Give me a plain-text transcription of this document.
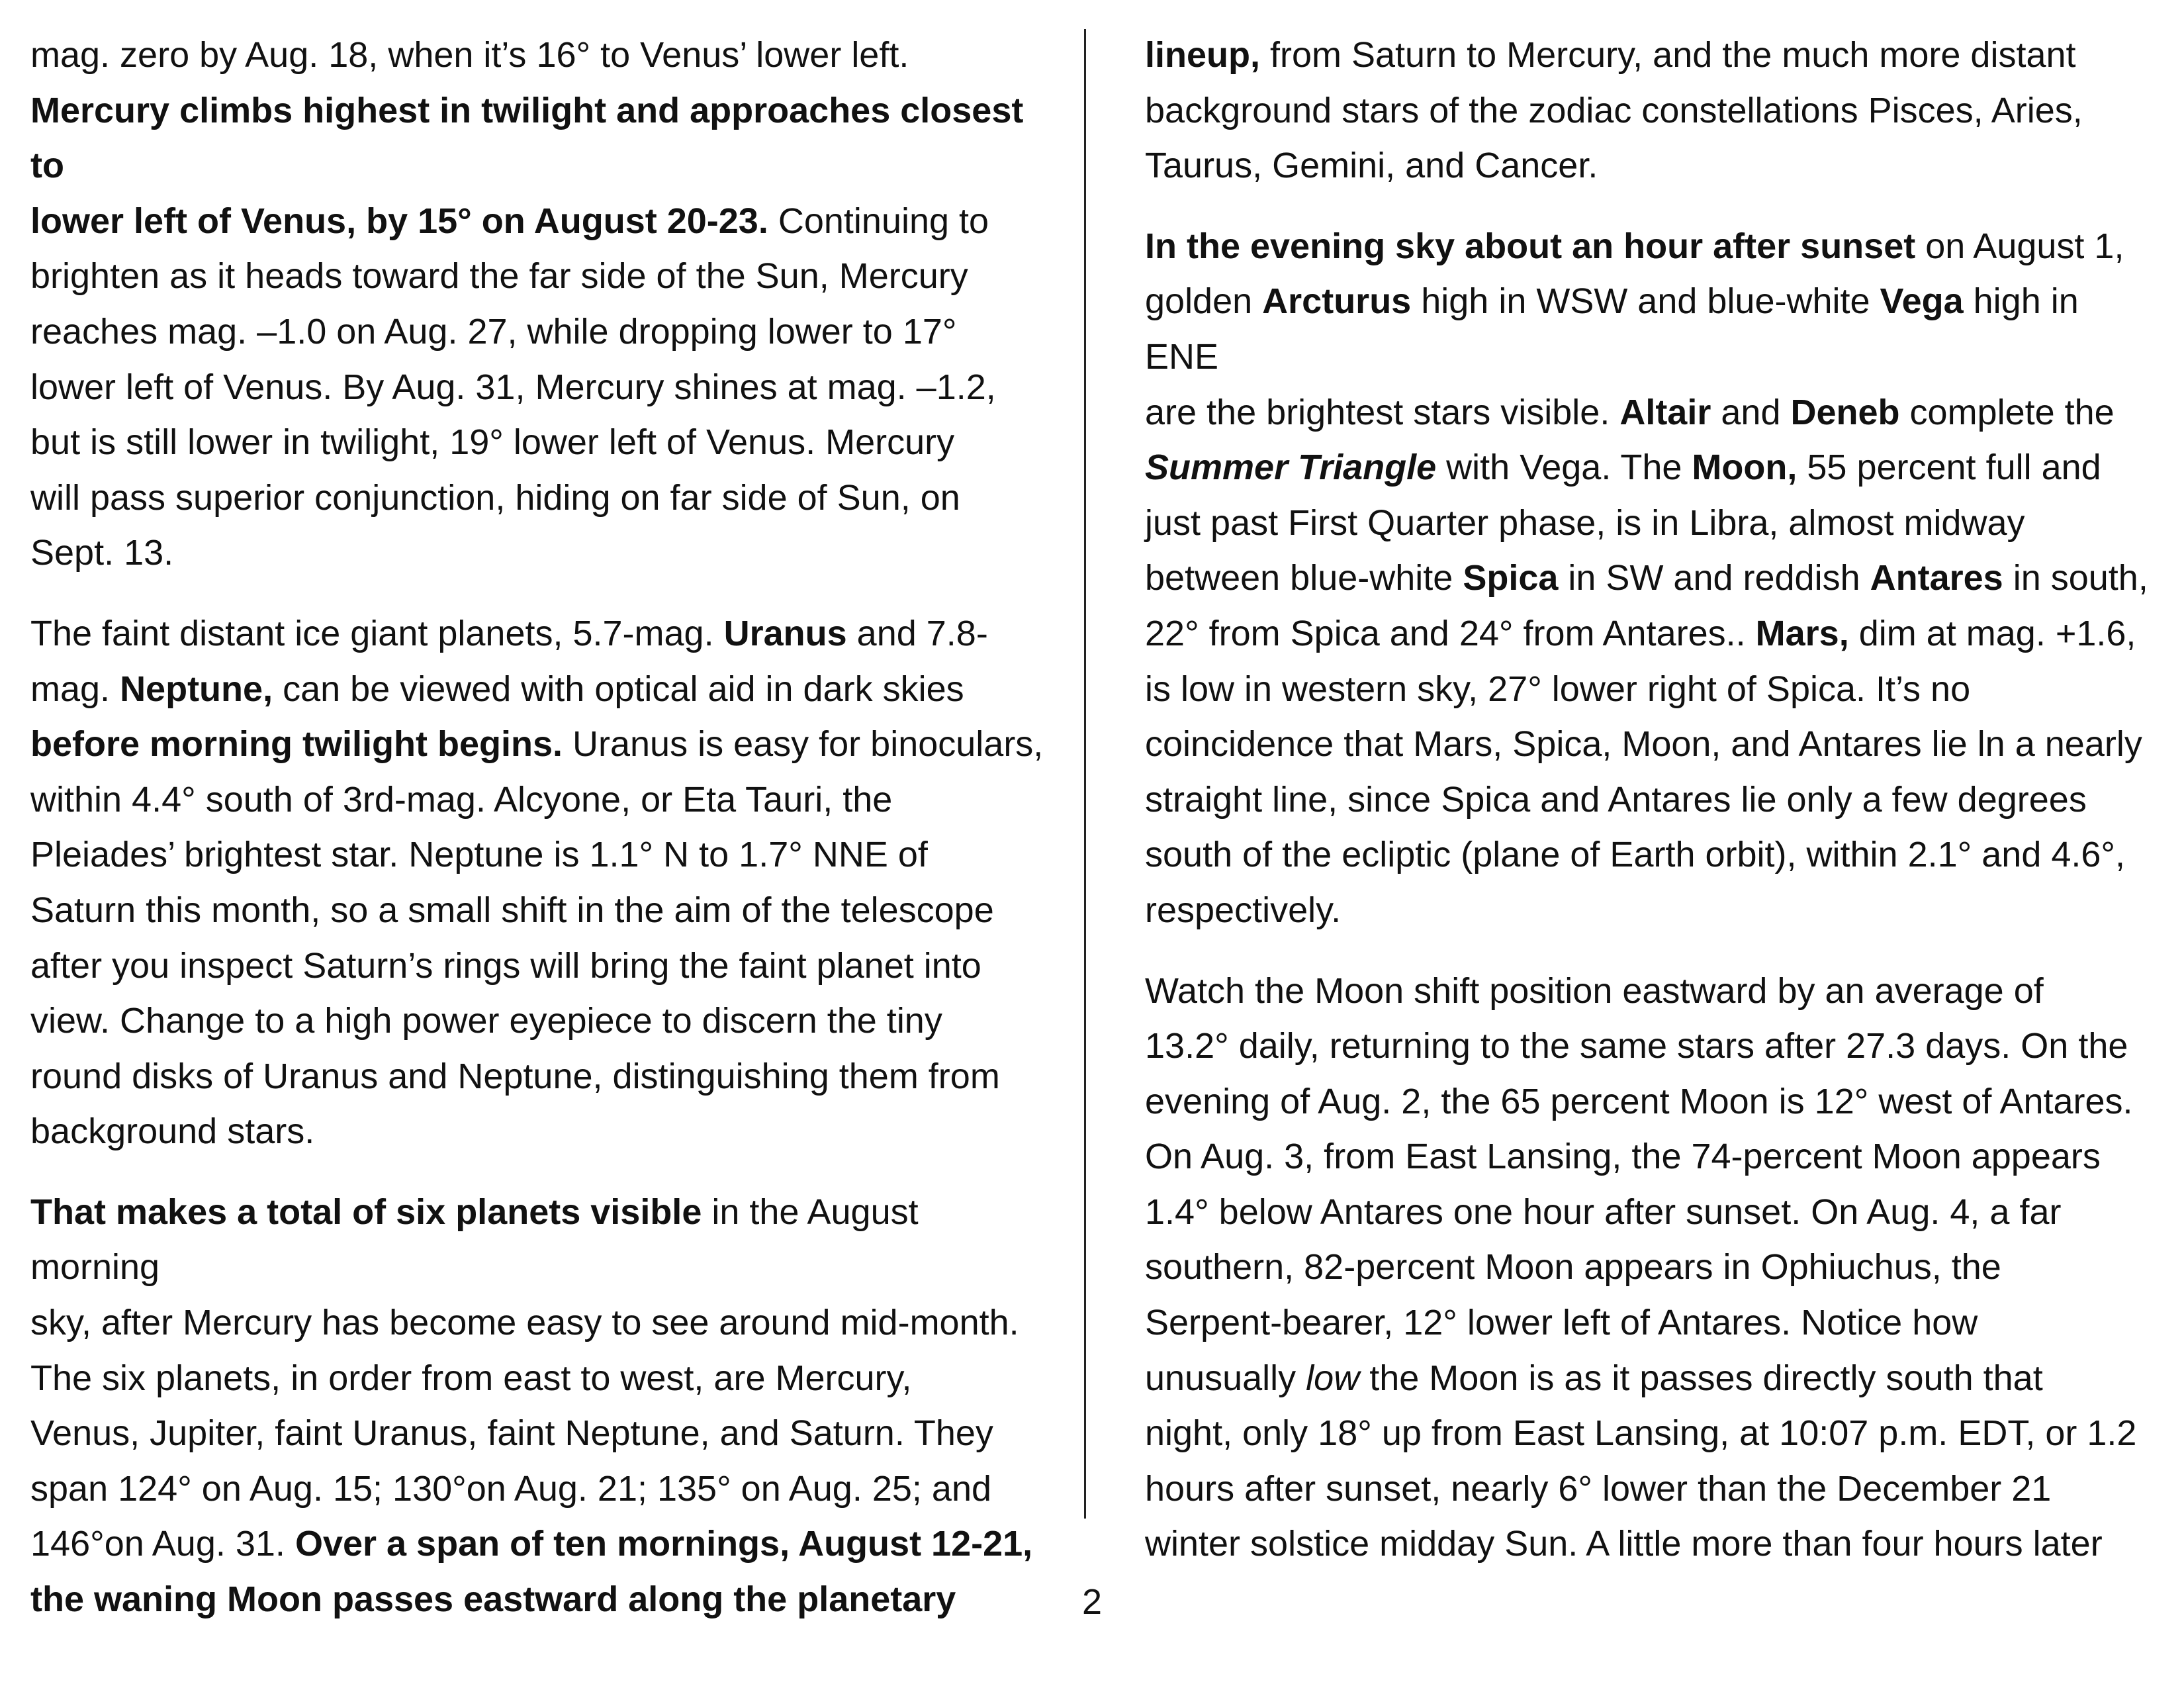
mag. zero by Aug. 18, when it’s 16° to Venus’ lower left.
Mercury climbs highest in twilight and approaches closest to
lower left of Venus, by 15° on August 20-23. Continuing to
brighten as it heads toward the far side of the Sun, Mercury
reaches mag. –1.0 on Aug. 27, while dropping lower to 17°
lower left of Venus. By Aug. 31, Mercury shines at mag. –1.2,
but is still lower in twilight, 19° lower left of Venus. Mercury
will pass superior conjunction, hiding on far side of Sun, on
Sept. 13.

The faint distant ice giant planets, 5.7-mag. Uranus and 7.8-
mag. Neptune, can be viewed with optical aid in dark skies
before morning twilight begins. Uranus is easy for binoculars,
within 4.4° south of 3rd-mag. Alcyone, or Eta Tauri, the
Pleiades’ brightest star. Neptune is 1.1° N to 1.7° NNE of
Saturn this month, so a small shift in the aim of the telescope
after you inspect Saturn’s rings will bring the faint planet into
view. Change to a high power eyepiece to discern the tiny
round disks of Uranus and Neptune, distinguishing them from
background stars.

That makes a total of six planets visible in the August morning
sky, after Mercury has become easy to see around mid-month.
The six planets, in order from east to west, are Mercury,
Venus, Jupiter, faint Uranus, faint Neptune, and Saturn. They
span 124° on Aug. 15; 130°on Aug. 21; 135° on Aug. 25; and
146°on Aug. 31. Over a span of ten mornings, August 12-21,
the waning Moon passes eastward along the planetary

lineup, from Saturn to Mercury, and the much more distant
background stars of the zodiac constellations Pisces, Aries,
Taurus, Gemini, and Cancer.

In the evening sky about an hour after sunset on August 1,
golden Arcturus high in WSW and blue-white Vega high in ENE
are the brightest stars visible. Altair and Deneb complete the
Summer Triangle with Vega. The Moon, 55 percent full and
just past First Quarter phase, is in Libra, almost midway
between blue-white Spica in SW and reddish Antares in south,
22° from Spica and 24° from Antares.. Mars, dim at mag. +1.6,
is low in western sky, 27° lower right of Spica. It’s no
coincidence that Mars, Spica, Moon, and Antares lie ln a nearly
straight line, since Spica and Antares lie only a few degrees
south of the ecliptic (plane of Earth orbit), within 2.1° and 4.6°,
respectively.

Watch the Moon shift position eastward by an average of
13.2° daily, returning to the same stars after 27.3 days. On the
evening of Aug. 2, the 65 percent Moon is 12° west of Antares.
On Aug. 3, from East Lansing, the 74-percent Moon appears
1.4° below Antares one hour after sunset. On Aug. 4, a far
southern, 82-percent Moon appears in Ophiuchus, the
Serpent-bearer, 12° lower left of Antares. Notice how
unusually low the Moon is as it passes directly south that
night, only 18° up from East Lansing, at 10:07 p.m. EDT, or 1.2
hours after sunset, nearly 6° lower than the December 21
winter solstice midday Sun. A little more than four hours later

2
